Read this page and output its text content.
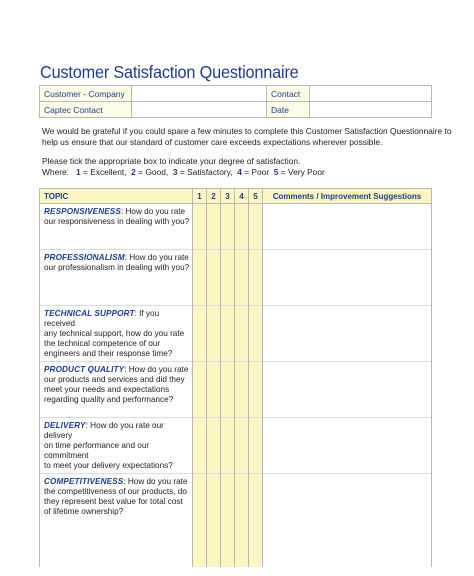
Customer Satisfaction Questionnaire
Customer - Company		Contact	
Captec Contact		Date	
We would be grateful if you could spare a few minutes to complete this Customer Satisfaction Questionnaire to
help us ensure that our standard of customer care exceeds expectations wherever possible.
Please tick the appropriate box to indicate your degree of satisfaction.
Where: 1 = Excellent, 2 = Good, 3 = Satisfactory, 4 = Poor 5 = Very Poor
TOPIC	1	2	3	4	5	Comments / Improvement Suggestions
RESPONSIVENESS: How do you rate
our responsiveness in dealing with you?						
PROFESSIONALISM: How do you rate
our professionalism in dealing with you?						
TECHNICAL SUPPORT: If you received
any technical support, how do you rate
the technical competence of our
engineers and their response time?						
PRODUCT QUALITY: How do you rate
our products and services and did they
meet your needs and expectations
regarding quality and performance?						
DELIVERY: How do you rate our delivery
on time performance and our commitment
to meet your delivery expectations?						
COMPETITIVENESS: How do you rate
the competitiveness of our products, do
they represent best value for total cost
of lifetime ownership?						
